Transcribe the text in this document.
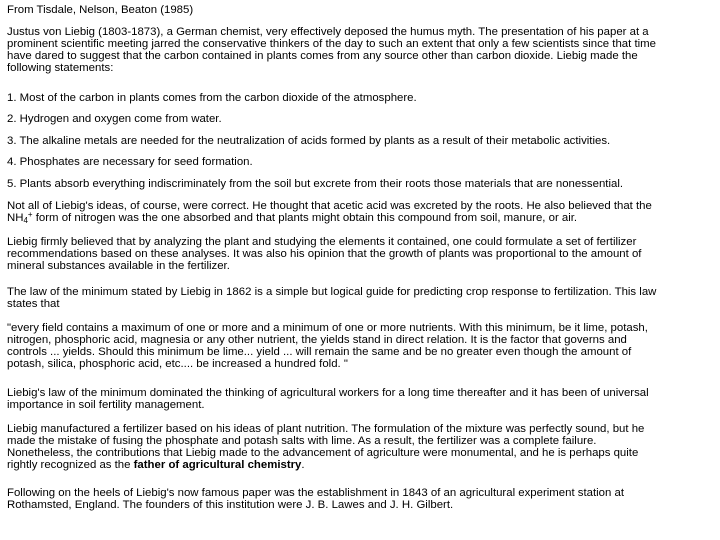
From Tisdale, Nelson, Beaton (1985)

Justus von Liebig (1803-1873), a German chemist, very effectively deposed the humus myth. The presentation of his paper at a
prominent scientific meeting jarred the conservative thinkers of the day to such an extent that only a few scientists since that time
have dared to suggest that the carbon contained in plants comes from any source other than carbon dioxide. Liebig made the
following statements:

1. Most of the carbon in plants comes from the carbon dioxide of the atmosphere.

2. Hydrogen and oxygen come from water.

3. The alkaline metals are needed for the neutralization of acids formed by plants as a result of their metabolic activities.

4. Phosphates are necessary for seed formation.

5. Plants absorb everything indiscriminately from the soil but excrete from their roots those materials that are nonessential.

Not all of Liebig's ideas, of course, were correct. He thought that acetic acid was excreted by the roots. He also believed that the
$NH_4^+$ form of nitrogen was the one absorbed and that plants might obtain this compound from soil, manure, or air.

Liebig firmly believed that by analyzing the plant and studying the elements it contained, one could formulate a set of fertilizer
recommendations based on these analyses. It was also his opinion that the growth of plants was proportional to the amount of
mineral substances available in the fertilizer.

The law of the minimum stated by Liebig in 1862 is a simple but logical guide for predicting crop response to fertilization. This law
states that

"every field contains a maximum of one or more and a minimum of one or more nutrients. With this minimum, be it lime, potash,
nitrogen, phosphoric acid, magnesia or any other nutrient, the yields stand in direct relation. It is the factor that governs and
controls ... yields. Should this minimum be lime... yield ... will remain the same and be no greater even though the amount of
potash, silica, phosphoric acid, etc.... be increased a hundred fold. "

Liebig's law of the minimum dominated the thinking of agricultural workers for a long time thereafter and it has been of universal
importance in soil fertility management.

Liebig manufactured a fertilizer based on his ideas of plant nutrition. The formulation of the mixture was perfectly sound, but he
made the mistake of fusing the phosphate and potash salts with lime. As a result, the fertilizer was a complete failure.
Nonetheless, the contributions that Liebig made to the advancement of agriculture were monumental, and he is perhaps quite
rightly recognized as the father of agricultural chemistry.

Following on the heels of Liebig's now famous paper was the establishment in 1843 of an agricultural experiment station at
Rothamsted, England. The founders of this institution were J. B. Lawes and J. H. Gilbert.
